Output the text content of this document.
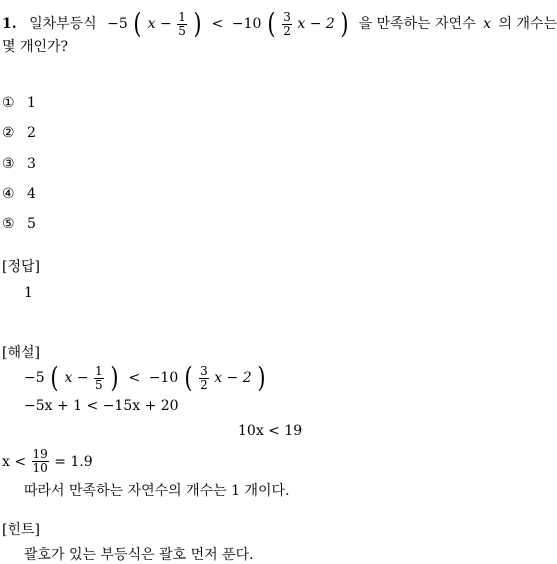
1. 일차부등식 −5 ( $x - \frac{1}{5}$ ) < −10 ( $\frac{3}{2}$ x − 2 ) 을 만족하는 자연수 x 의 개수는
몇 개인가?
① 1
② 2
③ 3
④ 4
⑤ 5
[정답]
1
[해설]
−5 ( $x - \frac{1}{5}$ ) < −10 ( $\frac{3}{2}$ x − 2 )
−5x + 1 < −15x + 20
10x < 19
$x < \frac{19}{10} = 1.9$
따라서 만족하는 자연수의 개수는 1 개이다.
[힌트]
괄호가 있는 부등식은 괄호 먼저 푼다.
